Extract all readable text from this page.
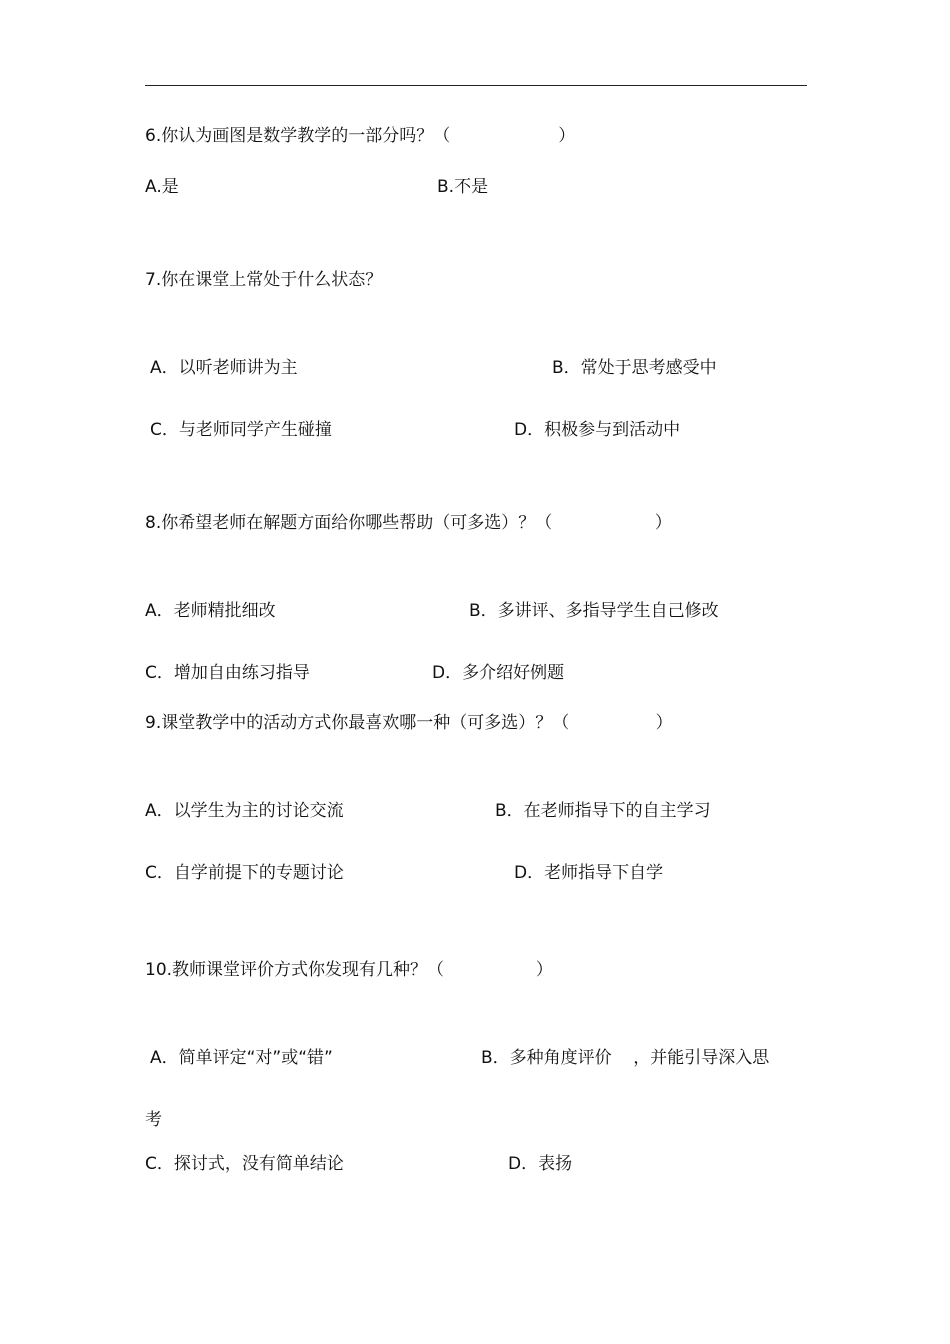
6.你认为画图是数学教学的一部分吗？（                    ）
A.是	B.不是
7.你在课堂上常处于什么状态？
A．以听老师讲为主	B．常处于思考感受中
C．与老师同学产生碰撞	D．积极参与到活动中
8.你希望老师在解题方面给你哪些帮助（可多选）？（                   ）
A．老师精批细改	B．多讲评、多指导学生自己修改
C．增加自由练习指导	D．多介绍好例题
9.课堂教学中的活动方式你最喜欢哪一种（可多选）？（                ）
A．以学生为主的讨论交流	B．在老师指导下的自主学习
C．自学前提下的专题讨论	D．老师指导下自学
10.教师课堂评价方式你发现有几种？（                 ）
A．简单评定“对”或“错”	B．多种角度评价    ，并能引导深入思
考
C．探讨式，没有简单结论	D．表扬
